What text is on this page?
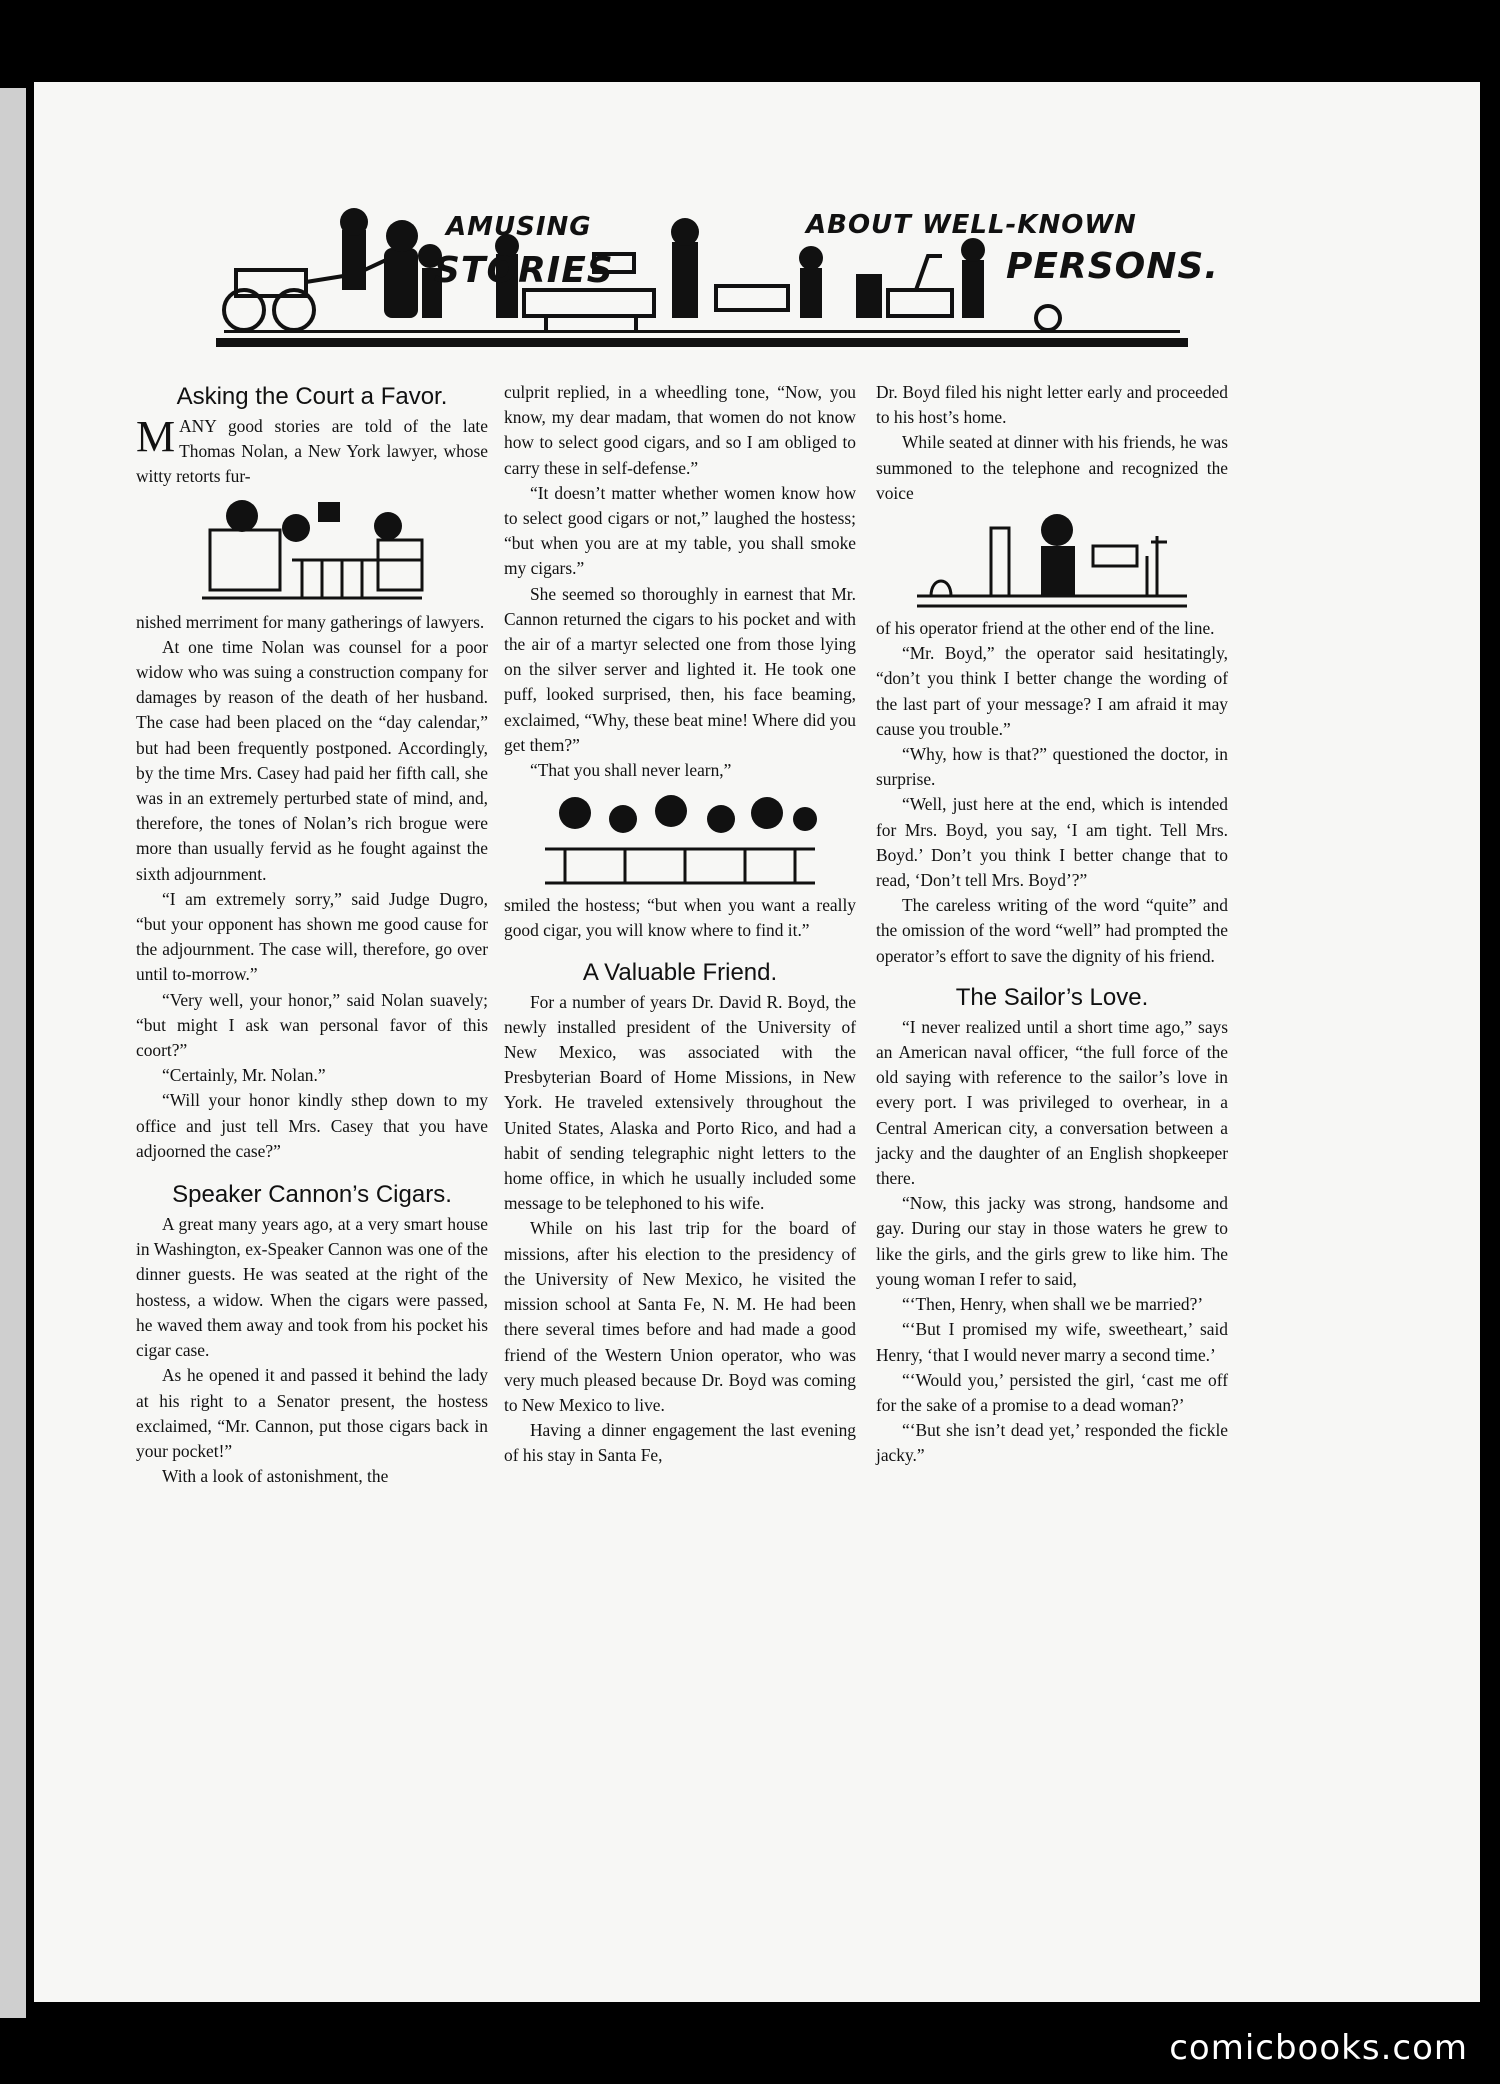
AMUSING
STORIES
ABOUT WELL-KNOWN
PERSONS.
Asking the Court a Favor.

MANY good stories are told of the late Thomas Nolan, a New York lawyer, whose witty retorts fur-

nished merriment for many gatherings of lawyers.

At one time Nolan was counsel for a poor widow who was suing a construction company for damages by reason of the death of her husband. The case had been placed on the “day calendar,” but had been frequently postponed. Accordingly, by the time Mrs. Casey had paid her fifth call, she was in an extremely perturbed state of mind, and, therefore, the tones of Nolan’s rich brogue were more than usually fervid as he fought against the sixth adjournment.

“I am extremely sorry,” said Judge Dugro, “but your opponent has shown me good cause for the adjournment. The case will, therefore, go over until to-morrow.”

“Very well, your honor,” said Nolan suavely; “but might I ask wan personal favor of this coort?”

“Certainly, Mr. Nolan.”

“Will your honor kindly sthep down to my office and just tell Mrs. Casey that you have adjoorned the case?”

Speaker Cannon’s Cigars.

A great many years ago, at a very smart house in Washington, ex-Speaker Cannon was one of the dinner guests. He was seated at the right of the hostess, a widow. When the cigars were passed, he waved them away and took from his pocket his cigar case.

As he opened it and passed it behind the lady at his right to a Senator present, the hostess exclaimed, “Mr. Cannon, put those cigars back in your pocket!”

With a look of astonishment, the

culprit replied, in a wheedling tone, “Now, you know, my dear madam, that women do not know how to select good cigars, and so I am obliged to carry these in self-defense.”

“It doesn’t matter whether women know how to select good cigars or not,” laughed the hostess; “but when you are at my table, you shall smoke my cigars.”

She seemed so thoroughly in earnest that Mr. Cannon returned the cigars to his pocket and with the air of a martyr selected one from those lying on the silver server and lighted it. He took one puff, looked surprised, then, his face beaming, exclaimed, “Why, these beat mine! Where did you get them?”

“That you shall never learn,”

smiled the hostess; “but when you want a really good cigar, you will know where to find it.”

A Valuable Friend.

For a number of years Dr. David R. Boyd, the newly installed president of the University of New Mexico, was associated with the Presbyterian Board of Home Missions, in New York. He traveled extensively throughout the United States, Alaska and Porto Rico, and had a habit of sending telegraphic night letters to the home office, in which he usually included some message to be telephoned to his wife.

While on his last trip for the board of missions, after his election to the presidency of the University of New Mexico, he visited the mission school at Santa Fe, N. M. He had been there several times before and had made a good friend of the Western Union operator, who was very much pleased because Dr. Boyd was coming to New Mexico to live.

Having a dinner engagement the last evening of his stay in Santa Fe,

Dr. Boyd filed his night letter early and proceeded to his host’s home.

While seated at dinner with his friends, he was summoned to the telephone and recognized the voice

of his operator friend at the other end of the line.

“Mr. Boyd,” the operator said hesitatingly, “don’t you think I better change the wording of the last part of your message? I am afraid it may cause you trouble.”

“Why, how is that?” questioned the doctor, in surprise.

“Well, just here at the end, which is intended for Mrs. Boyd, you say, ‘I am tight. Tell Mrs. Boyd.’ Don’t you think I better change that to read, ‘Don’t tell Mrs. Boyd’?”

The careless writing of the word “quite” and the omission of the word “well” had prompted the operator’s effort to save the dignity of his friend.

The Sailor’s Love.

“I never realized until a short time ago,” says an American naval officer, “the full force of the old saying with reference to the sailor’s love in every port. I was privileged to overhear, in a Central American city, a conversation between a jacky and the daughter of an English shopkeeper there.

“Now, this jacky was strong, handsome and gay. During our stay in those waters he grew to like the girls, and the girls grew to like him. The young woman I refer to said,

“‘Then, Henry, when shall we be married?’

“‘But I promised my wife, sweetheart,’ said Henry, ‘that I would never marry a second time.’

“‘Would you,’ persisted the girl, ‘cast me off for the sake of a promise to a dead woman?’

“‘But she isn’t dead yet,’ responded the fickle jacky.”

comicbooks.com
